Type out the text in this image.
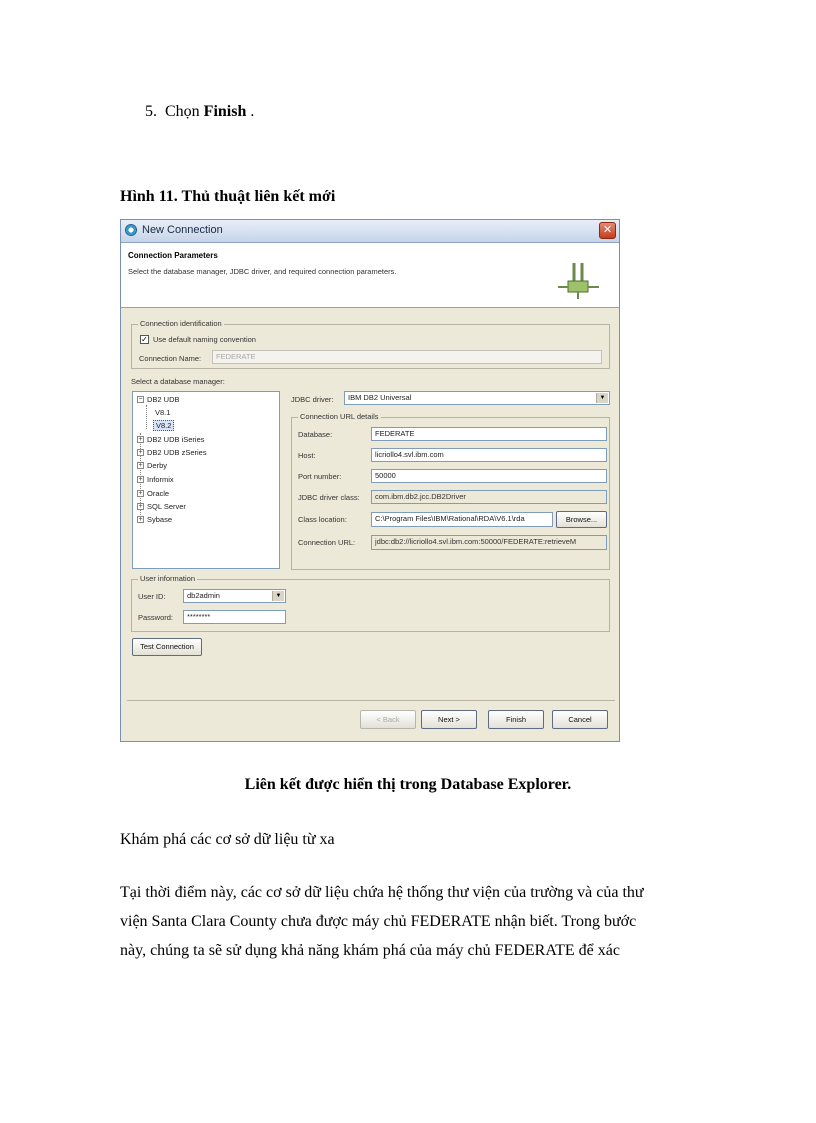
5. Chọn Finish .
Hình 11. Thủ thuật liên kết mới
New Connection	✕
Connection Parameters
Select the database manager, JDBC driver, and required connection parameters.
Connection identification
✓ Use default naming convention
Connection Name:	FEDERATE
Select a database manager:
− DB2 UDB
V8.1
V8.2
+ DB2 UDB iSeries
+ DB2 UDB zSeries
+ Derby
+ Informix
+ Oracle
+ SQL Server
+ Sybase
JDBC driver:	IBM DB2 Universal	▼
Connection URL details
Database:	FEDERATE
Host:	licriollo4.svl.ibm.com
Port number:	50000
JDBC driver class:	com.ibm.db2.jcc.DB2Driver
Class location:	C:\Program Files\IBM\Rational\RDA\V6.1\rda	Browse...
Connection URL:	jdbc:db2://licriollo4.svl.ibm.com:50000/FEDERATE:retrieveM
User information
User ID:	db2admin	▼
Password:	********
Test Connection
< Back	Next >	Finish	Cancel
Liên kết được hiển thị trong Database Explorer.
Khám phá các cơ sở dữ liệu từ xa
Tại thời điểm này, các cơ sở dữ liệu chứa hệ thống thư viện của trường và của thư
viện Santa Clara County chưa được máy chủ FEDERATE nhận biết. Trong bước
này, chúng ta sẽ sử dụng khả năng khám phá của máy chủ FEDERATE để xác
